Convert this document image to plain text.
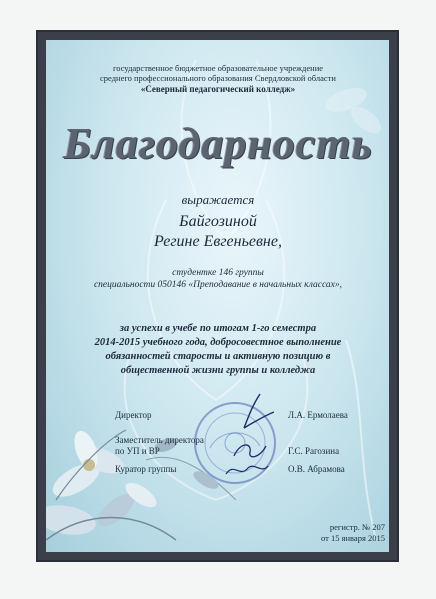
государственное бюджетное образовательное учреждение
среднего профессионального образования Свердловской области
«Северный педагогический колледж»
Благодарность
выражается
Байгозиной
Регине Евгеньевне,
студентке 146 группы
специальности 050146 «Преподавание в начальных классах»,
за успехи в учебе по итогам 1-го семестра
2014-2015 учебного года, добросовестное выполнение
обязанностей старосты и активную позицию в
общественной жизни группы и колледжа
Директор	Л.А. Ермолаева
Заместитель директора
по УП и ВР	Г.С. Рагозина
Куратор группы	О.В. Абрамова
регистр. № 207
от 15 января 2015
